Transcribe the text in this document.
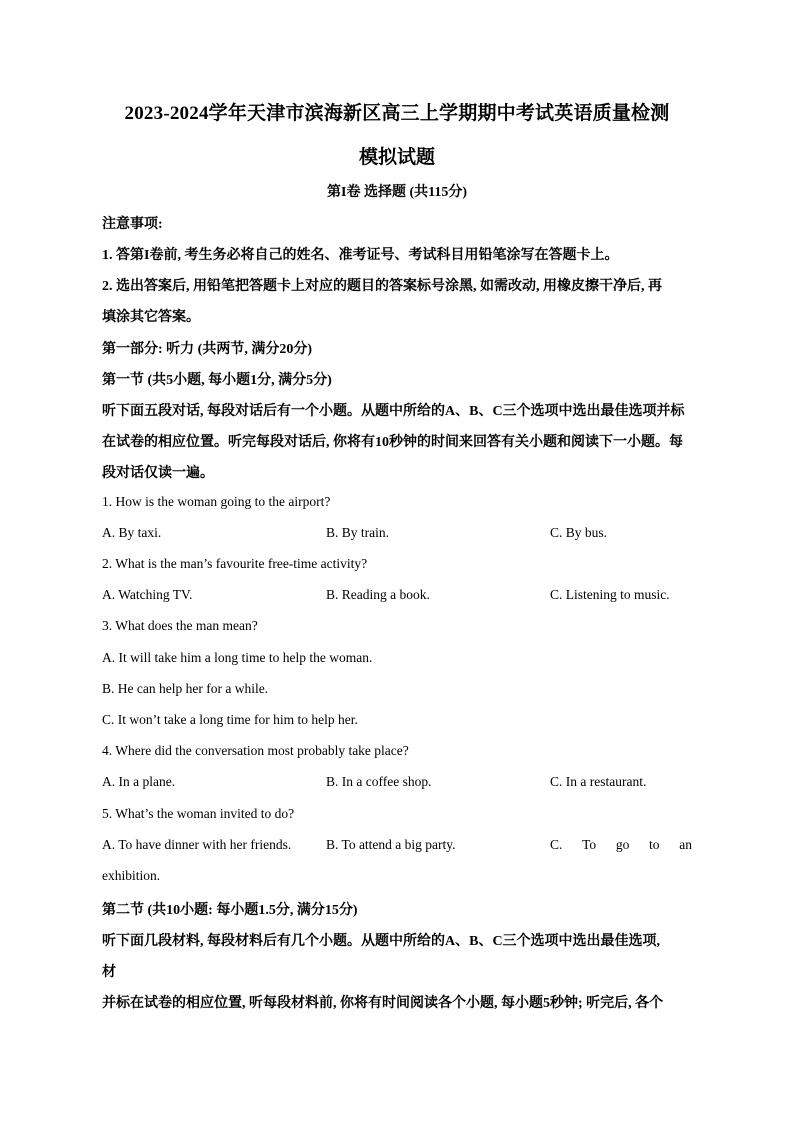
2023-2024学年天津市滨海新区高三上学期期中考试英语质量检测
模拟试题
第I卷 选择题 (共115分)
注意事项:
1. 答第I卷前, 考生务必将自己的姓名、准考证号、考试科目用铅笔涂写在答题卡上。
2. 选出答案后, 用铅笔把答题卡上对应的题目的答案标号涂黑, 如需改动, 用橡皮擦干净后, 再
填涂其它答案。
第一部分: 听力 (共两节, 满分20分)
第一节 (共5小题, 每小题1分, 满分5分)
听下面五段对话, 每段对话后有一个小题。从题中所给的A、B、C三个选项中选出最佳选项并标
在试卷的相应位置。听完每段对话后, 你将有10秒钟的时间来回答有关小题和阅读下一小题。每
段对话仅读一遍。
1. How is the woman going to the airport?
A. By taxi.	B. By train.	C. By bus.
2. What is the man’s favourite free-time activity?
A. Watching TV.	B. Reading a book.	C. Listening to music.
3. What does the man mean?
A. It will take him a long time to help the woman.
B. He can help her for a while.
C. It won’t take a long time for him to help her.
4. Where did the conversation most probably take place?
A. In a plane.	B. In a coffee shop.	C. In a restaurant.
5. What’s the woman invited to do?
A. To have dinner with her friends.	B. To attend a big party.	C. To go to an
exhibition.
第二节 (共10小题: 每小题1.5分, 满分15分)
听下面几段材料, 每段材料后有几个小题。从题中所给的A、B、C三个选项中选出最佳选项,
材
并标在试卷的相应位置, 听每段材料前, 你将有时间阅读各个小题, 每小题5秒钟; 听完后, 各个
